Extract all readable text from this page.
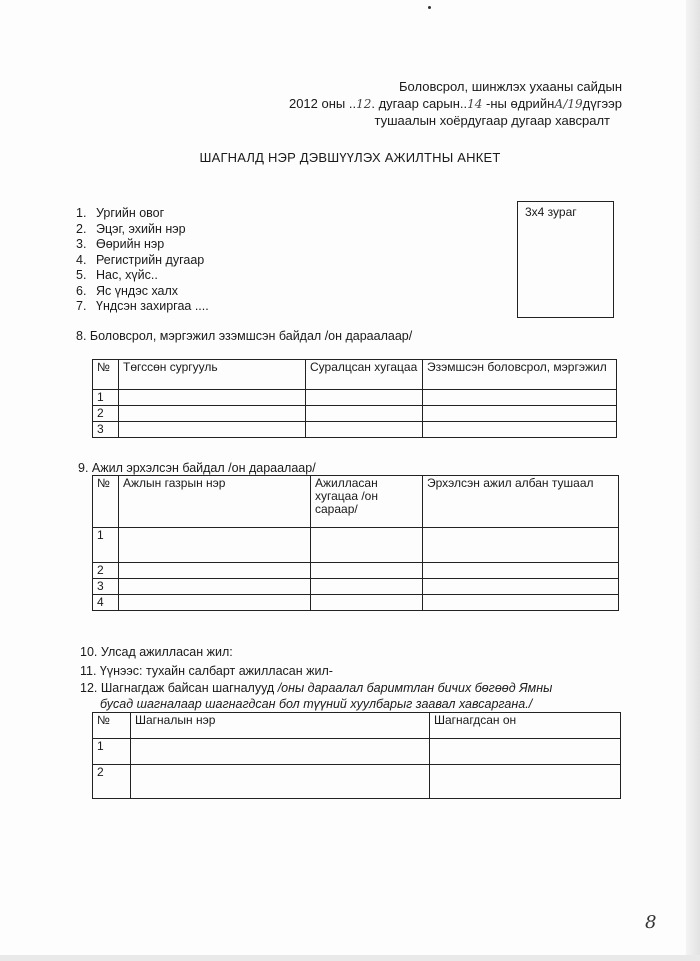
Боловсрол, шинжлэх ухааны сайдын
2012 оны ..12. дугаар сарын..14 -ны өдрийнА/19дүгээр
тушаалын хоёрдугаар дугаар хавсралт
ШАГНАЛД НЭР ДЭВШҮҮЛЭХ АЖИЛТНЫ АНКЕТ
1. Ургийн овог
2. Эцэг, эхийн нэр
3. Өөрийн нэр
4. Регистрийн дугаар
5. Нас, хүйс..
6. Яс үндэс халх
7. Үндсэн захиргаа ....
3х4 зураг
8. Боловсрол, мэргэжил эзэмшсэн байдал /он дараалаар/
№	Төгссөн сургууль	Суралцсан хугацаа	Эзэмшсэн боловсрол, мэргэжил
1			
2			
3			
9. Ажил эрхэлсэн байдал /он дараалаар/
№	Ажлын газрын нэр	Ажилласан хугацаа /он сараар/	Эрхэлсэн ажил албан тушаал
1			
2			
3			
4			
10. Улсад ажилласан жил:
11. Үүнээс: тухайн салбарт ажилласан жил-
12. Шагнагдаж байсан шагналууд /оны дараалал баримтлан бичих бөгөөд Ямны
бусад шагналаар шагнагдсан бол түүний хуулбарыг заавал хавсаргана./
№	Шагналын нэр	Шагнагдсан он
1		
2		
8
